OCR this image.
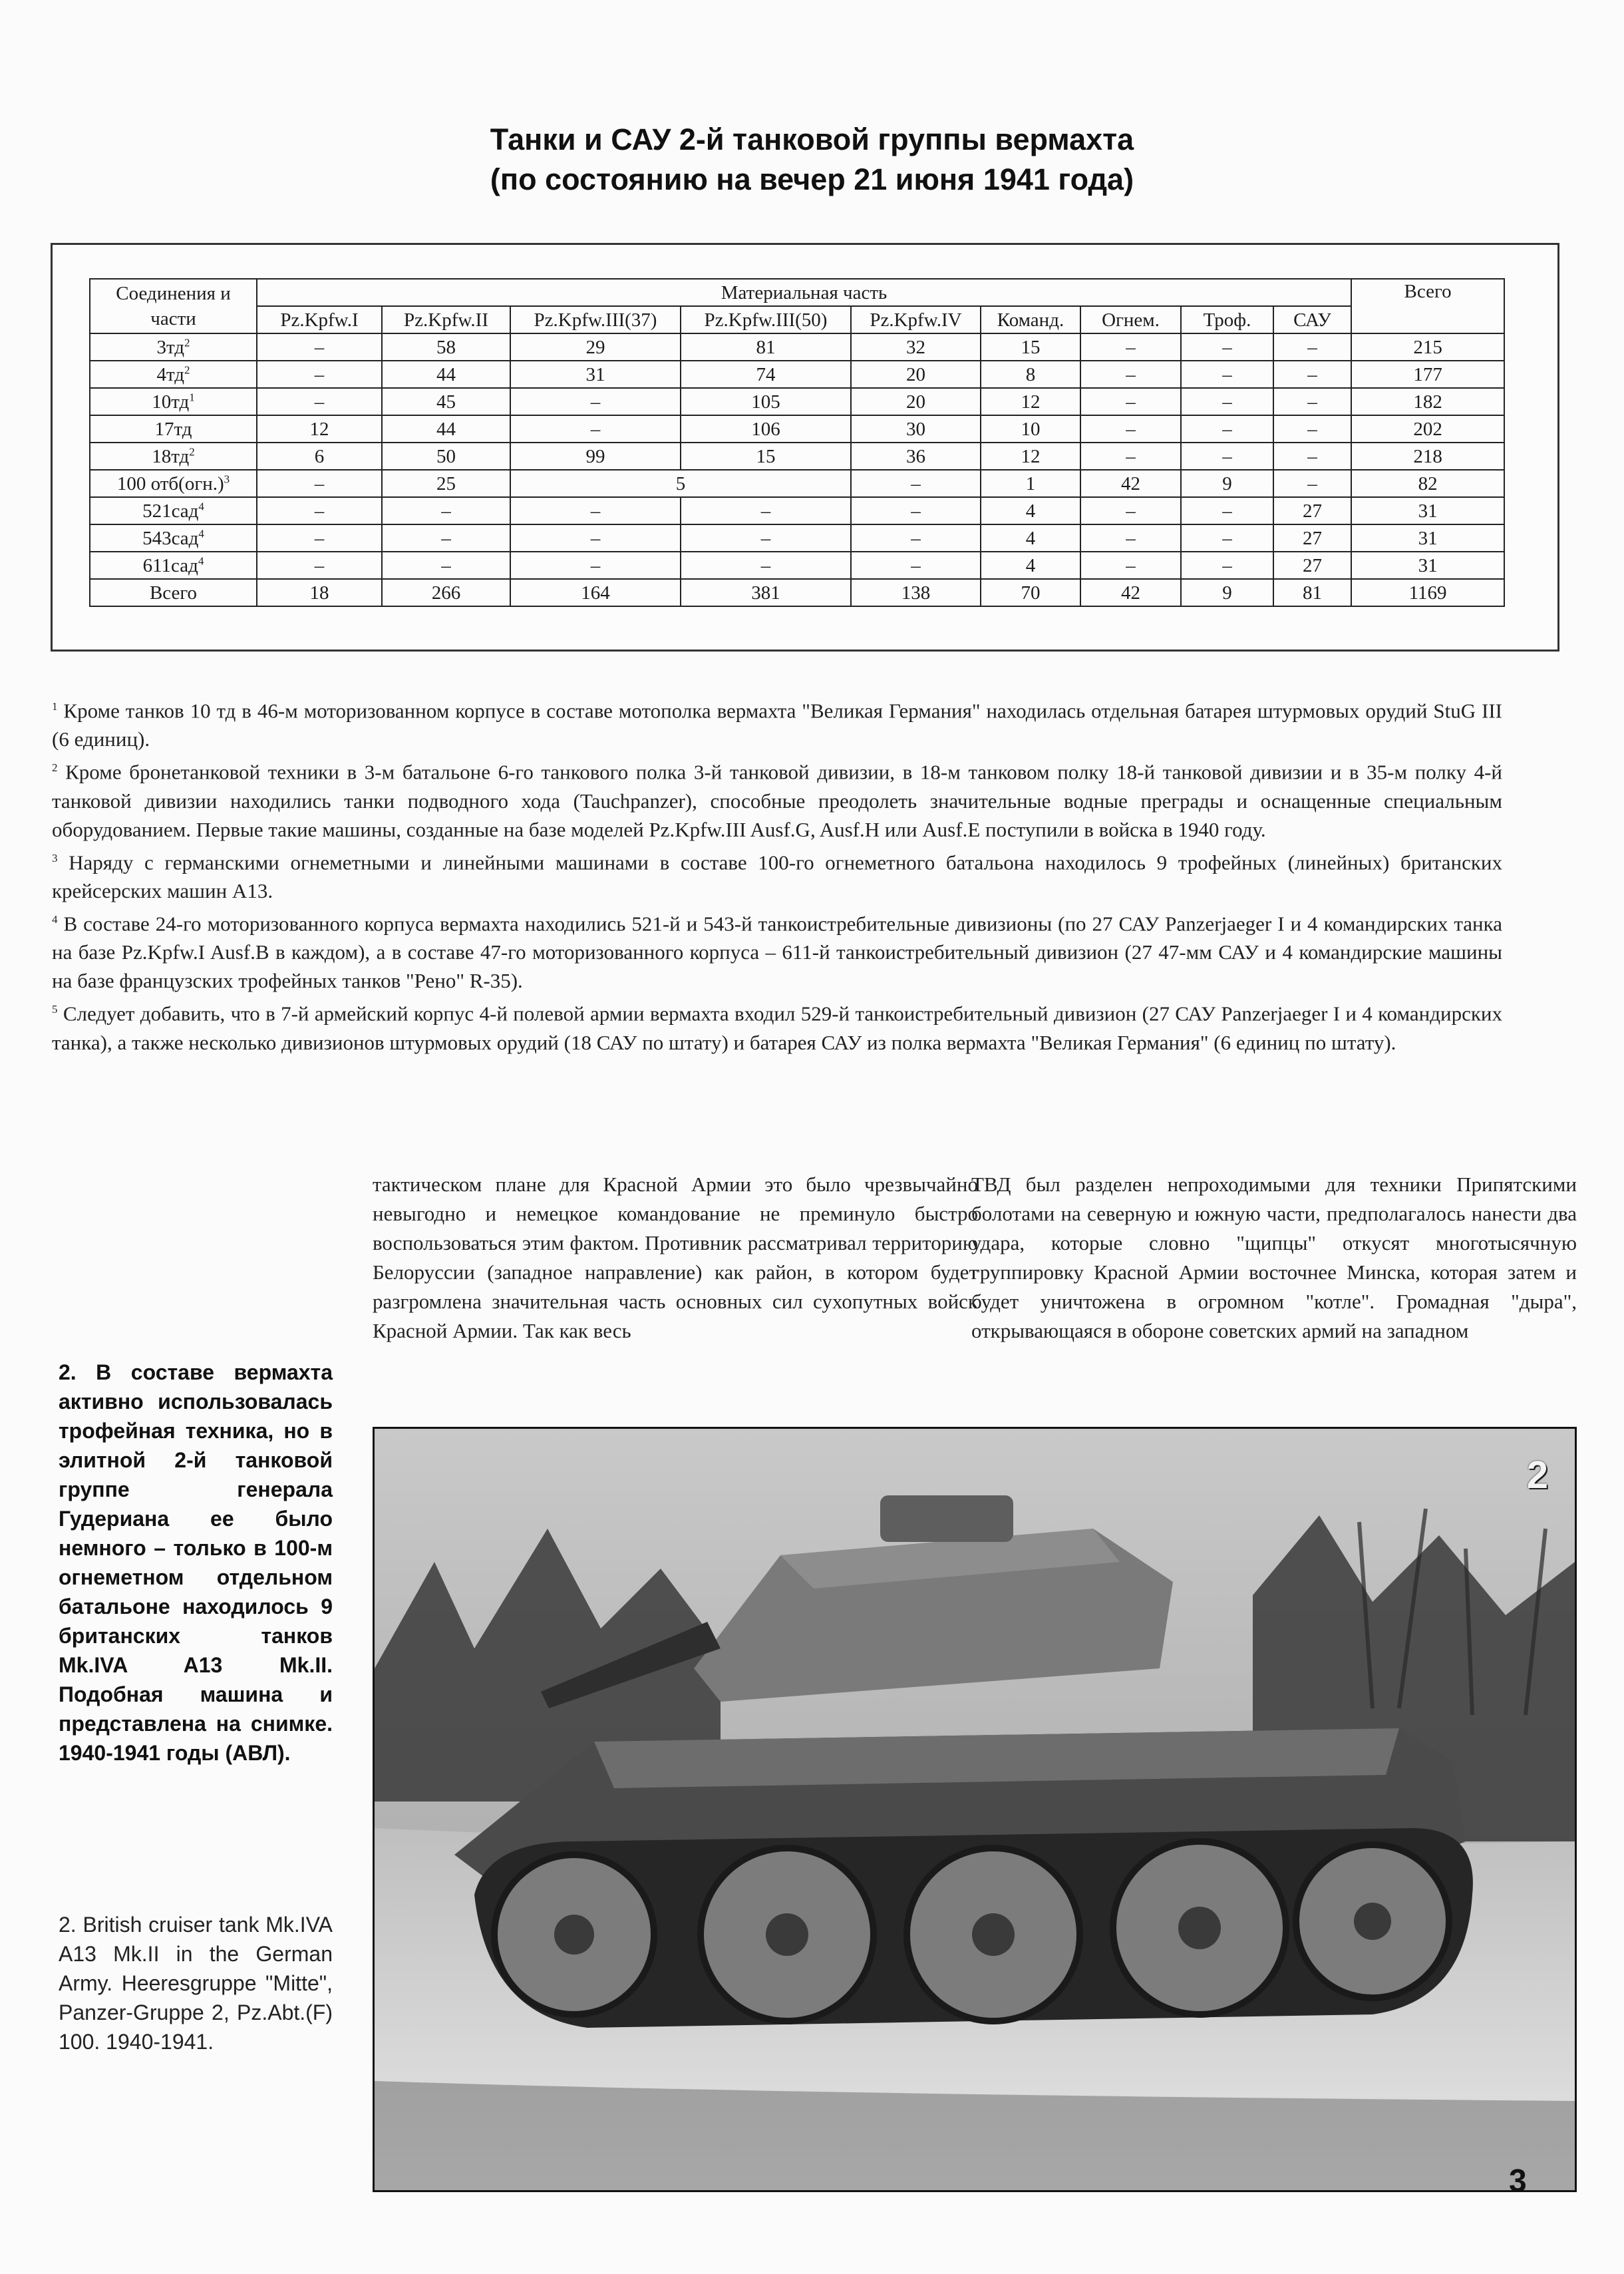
Танки и САУ 2-й танковой группы вермахта
(по состоянию на вечер 21 июня 1941 года)
Соединения и части	Материальная часть									Всего
	Pz.Kpfw.I	Pz.Kpfw.II	Pz.Kpfw.III(37)	Pz.Kpfw.III(50)	Pz.Kpfw.IV	Команд.	Огнем.	Троф.	САУ	
$3тд^2$	–	58	29	81	32	15	–	–	–	215
$4тд^2$	–	44	31	74	20	8	–	–	–	177
$10тд^1$	–	45	–	105	20	12	–	–	–	182
17тд	12	44	–	106	30	10	–	–	–	202
$18тд^2$	6	50	99	15	36	12	–	–	–	218
100 $отб(огн.)^3$	–	25	5		–	1	42	9	–	82
521сад$^4$	–	–	–	–	–	4	–	–	27	31
543сад$^4$	–	–	–	–	–	4	–	–	27	31
611сад$^4$	–	–	–	–	–	4	–	–	27	31
Всего	18	266	164	381	138	70	42	9	81	1169

$^1$ Кроме танков 10 тд в 46-м моторизованном корпусе в составе мотополка вермахта "Великая Германия" находилась отдельная батарея штурмовых орудий StuG III (6 единиц).

$^2$ Кроме бронетанковой техники в 3-м батальоне 6-го танкового полка 3-й танковой дивизии, в 18-м танковом полку 18-й танковой дивизии и в 35-м полку 4-й танковой дивизии находились танки подводного хода (Tauchpanzer), способные преодолеть значительные водные преграды и оснащенные специальным оборудованием. Первые такие машины, созданные на базе моделей Pz.Kpfw.III Ausf.G, Ausf.H или Ausf.E поступили в войска в 1940 году.

$^3$ Наряду с германскими огнеметными и линейными машинами в составе 100-го огнеметного батальона находилось 9 трофейных (линейных) британских крейсерских машин А13.

$^4$ В составе 24-го моторизованного корпуса вермахта находились 521-й и 543-й танкоистребительные дивизионы (по 27 САУ Panzerjaeger I и 4 командирских танка на базе Pz.Kpfw.I Ausf.B в каждом), а в составе 47-го моторизованного корпуса – 611-й танкоистребительный дивизион (27 47-мм САУ и 4 командирские машины на базе французских трофейных танков "Рено" R-35).

$^5$ Следует добавить, что в 7-й армейский корпус 4-й полевой армии вермахта входил 529-й танкоистребительный дивизион (27 САУ Panzerjaeger I и 4 командирских танка), а также несколько дивизионов штурмовых орудий (18 САУ по штату) и батарея САУ из полка вермахта "Великая Германия" (6 единиц по штату).

тактическом плане для Красной Армии это было чрезвычайно невыгодно и немецкое командование не преминуло быстро воспользоваться этим фактом. Противник рассматривал территорию Белоруссии (западное направление) как район, в котором будет разгромлена значительная часть основных сил сухопутных войск Красной Армии. Так как весь

ТВД был разделен непроходимыми для техники Припятскими болотами на северную и южную части, предполагалось нанести два удара, которые словно "щипцы" откусят многотысячную группировку Красной Армии восточнее Минска, которая затем и будет уничтожена в огромном "котле". Громадная "дыра", открывающаяся в обороне советских армий на западном

2. В составе вермахта активно использовалась трофейная техника, но в элитной 2-й танковой группе генерала Гудериана ее было немного – только в 100-м огнеметном отдельном батальоне находилось 9 британских танков Mk.IVA A13 Mk.II. Подобная машина и представлена на снимке. 1940-1941 годы (АВЛ).
2. British cruiser tank Mk.IVA A13 Mk.II in the German Army. Heeresgruppe "Mitte", Panzer-Gruppe 2, Pz.Abt.(F) 100. 1940-1941.
2
3
